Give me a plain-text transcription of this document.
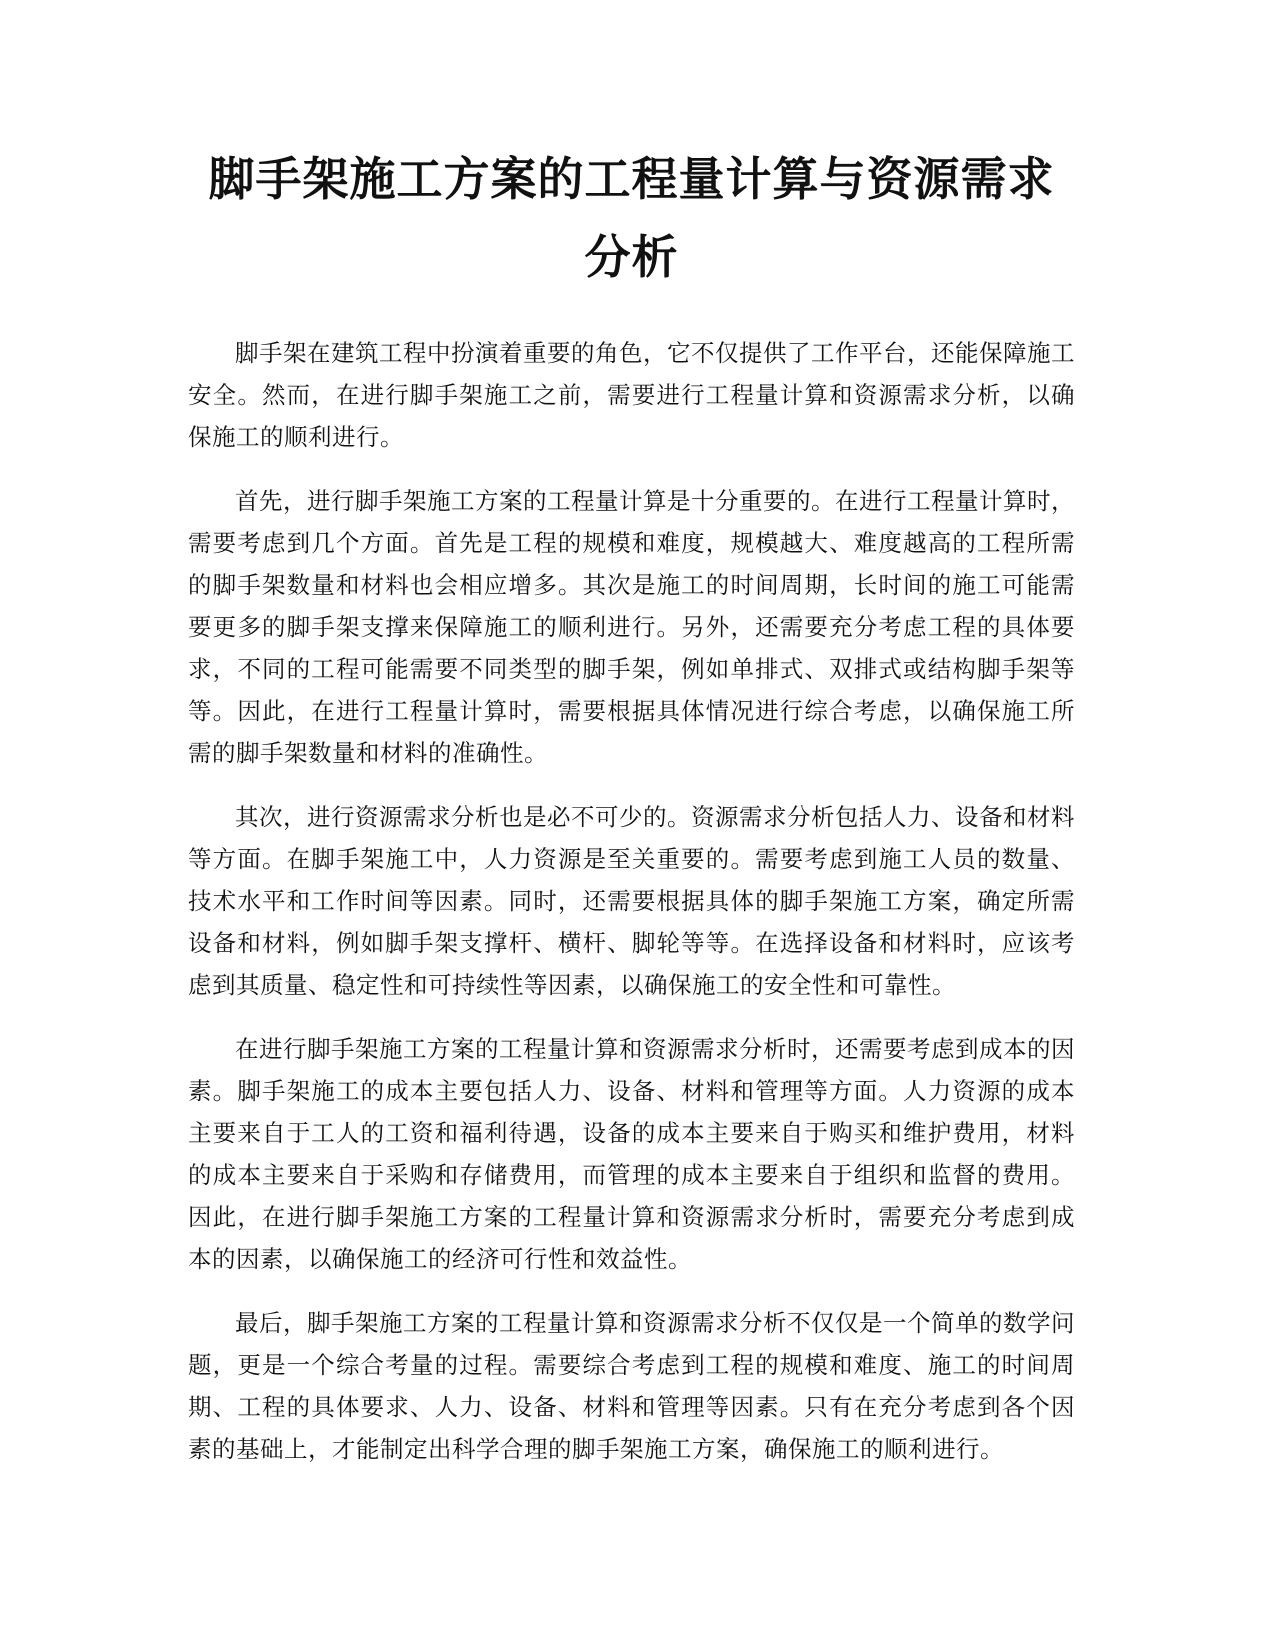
脚手架施工方案的工程量计算与资源需求分析

脚手架在建筑工程中扮演着重要的角色，它不仅提供了工作平台，还能保障施工安全。然而，在进行脚手架施工之前，需要进行工程量计算和资源需求分析，以确保施工的顺利进行。

首先，进行脚手架施工方案的工程量计算是十分重要的。在进行工程量计算时，需要考虑到几个方面。首先是工程的规模和难度，规模越大、难度越高的工程所需的脚手架数量和材料也会相应增多。其次是施工的时间周期，长时间的施工可能需要更多的脚手架支撑来保障施工的顺利进行。另外，还需要充分考虑工程的具体要求，不同的工程可能需要不同类型的脚手架，例如单排式、双排式或结构脚手架等等。因此，在进行工程量计算时，需要根据具体情况进行综合考虑，以确保施工所需的脚手架数量和材料的准确性。

其次，进行资源需求分析也是必不可少的。资源需求分析包括人力、设备和材料等方面。在脚手架施工中，人力资源是至关重要的。需要考虑到施工人员的数量、技术水平和工作时间等因素。同时，还需要根据具体的脚手架施工方案，确定所需设备和材料，例如脚手架支撑杆、横杆、脚轮等等。在选择设备和材料时，应该考虑到其质量、稳定性和可持续性等因素，以确保施工的安全性和可靠性。

在进行脚手架施工方案的工程量计算和资源需求分析时，还需要考虑到成本的因素。脚手架施工的成本主要包括人力、设备、材料和管理等方面。人力资源的成本主要来自于工人的工资和福利待遇，设备的成本主要来自于购买和维护费用，材料的成本主要来自于采购和存储费用，而管理的成本主要来自于组织和监督的费用。因此，在进行脚手架施工方案的工程量计算和资源需求分析时，需要充分考虑到成本的因素，以确保施工的经济可行性和效益性。

最后，脚手架施工方案的工程量计算和资源需求分析不仅仅是一个简单的数学问题，更是一个综合考量的过程。需要综合考虑到工程的规模和难度、施工的时间周期、工程的具体要求、人力、设备、材料和管理等因素。只有在充分考虑到各个因素的基础上，才能制定出科学合理的脚手架施工方案，确保施工的顺利进行。
